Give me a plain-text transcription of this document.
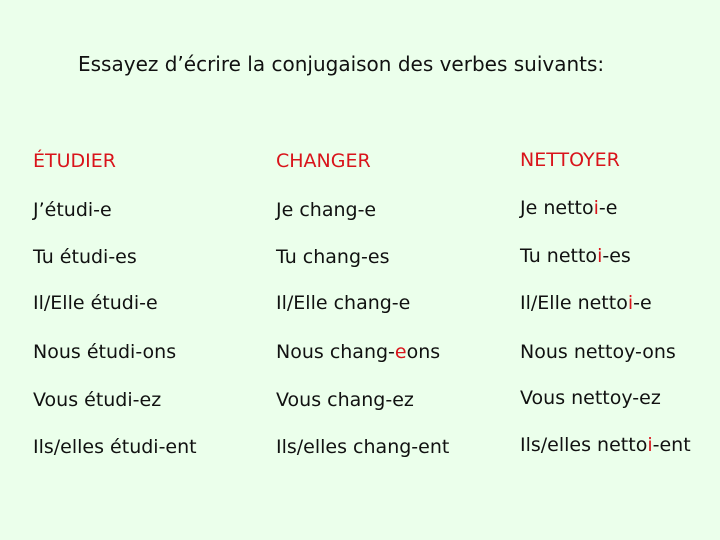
Essayez d’écrire la conjugaison des verbes suivants:
ÉTUDIER
J’étudi-e
Tu étudi-es
Il/Elle étudi-e
Nous étudi-ons
Vous étudi-ez
Ils/elles étudi-ent
CHANGER
Je chang-e
Tu chang-es
Il/Elle chang-e
Nous chang-eons
Vous chang-ez
Ils/elles chang-ent
NETTOYER
Je nettoi-e
Tu nettoi-es
Il/Elle nettoi-e
Nous nettoy-ons
Vous nettoy-ez
Ils/elles nettoi-ent
